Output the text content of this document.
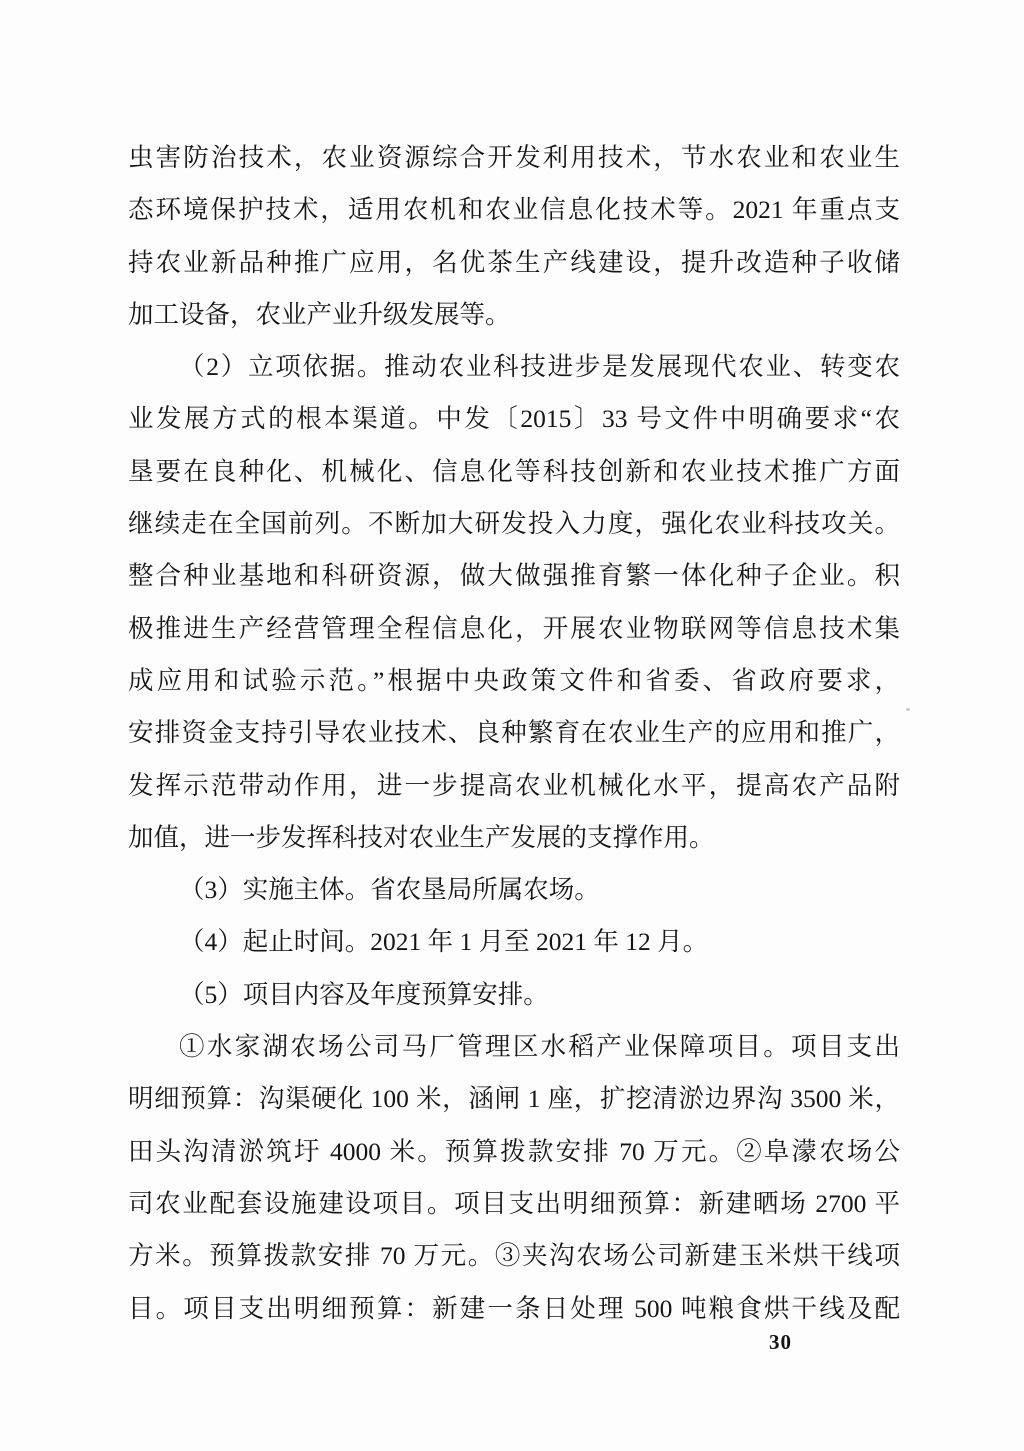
虫害防治技术，农业资源综合开发利用技术，节水农业和农业生
态环境保护技术，适用农机和农业信息化技术等。2021 年重点支
持农业新品种推广应用，名优茶生产线建设，提升改造种子收储
加工设备，农业产业升级发展等。
（2）立项依据。推动农业科技进步是发展现代农业、转变农
业发展方式的根本渠道。中发〔2015〕33 号文件中明确要求“农
垦要在良种化、机械化、信息化等科技创新和农业技术推广方面
继续走在全国前列。不断加大研发投入力度，强化农业科技攻关。
整合种业基地和科研资源，做大做强推育繁一体化种子企业。积
极推进生产经营管理全程信息化，开展农业物联网等信息技术集
成应用和试验示范。”根据中央政策文件和省委、省政府要求，
安排资金支持引导农业技术、良种繁育在农业生产的应用和推广，
发挥示范带动作用，进一步提高农业机械化水平，提高农产品附
加值，进一步发挥科技对农业生产发展的支撑作用。
（3）实施主体。省农垦局所属农场。
（4）起止时间。2021 年 1 月至 2021 年 12 月。
（5）项目内容及年度预算安排。
①水家湖农场公司马厂管理区水稻产业保障项目。项目支出
明细预算：沟渠硬化 100 米，涵闸 1 座，扩挖清淤边界沟 3500 米，
田头沟清淤筑圩 4000 米。预算拨款安排 70 万元。②阜濛农场公
司农业配套设施建设项目。项目支出明细预算：新建晒场 2700 平
方米。预算拨款安排 70 万元。③夹沟农场公司新建玉米烘干线项
目。项目支出明细预算：新建一条日处理 500 吨粮食烘干线及配
30
